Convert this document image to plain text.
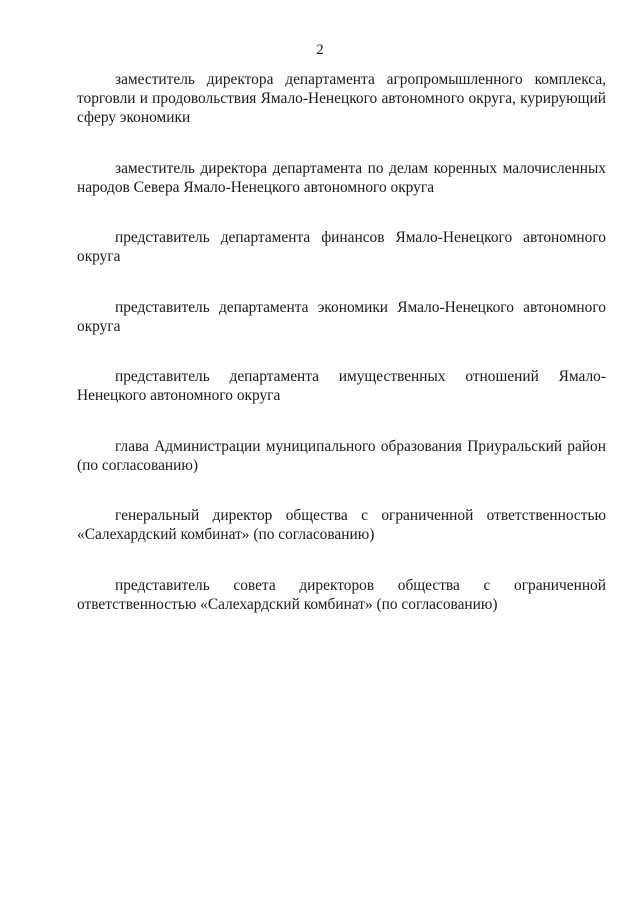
2

заместитель директора департамента агропромышленного комплекса, торговли и продовольствия Ямало-Ненецкого автономного округа, курирующий сферу экономики

заместитель директора департамента по делам коренных малочисленных народов Севера Ямало-Ненецкого автономного округа

представитель департамента финансов Ямало-Ненецкого автономного округа

представитель департамента экономики Ямало-Ненецкого автономного округа

представитель департамента имущественных отношений Ямало-Ненецкого автономного округа

глава Администрации муниципального образования Приуральский район (по согласованию)

генеральный директор общества с ограниченной ответственностью «Салехардский комбинат» (по согласованию)

представитель совета директоров общества с ограниченной ответственностью «Салехардский комбинат» (по согласованию)
